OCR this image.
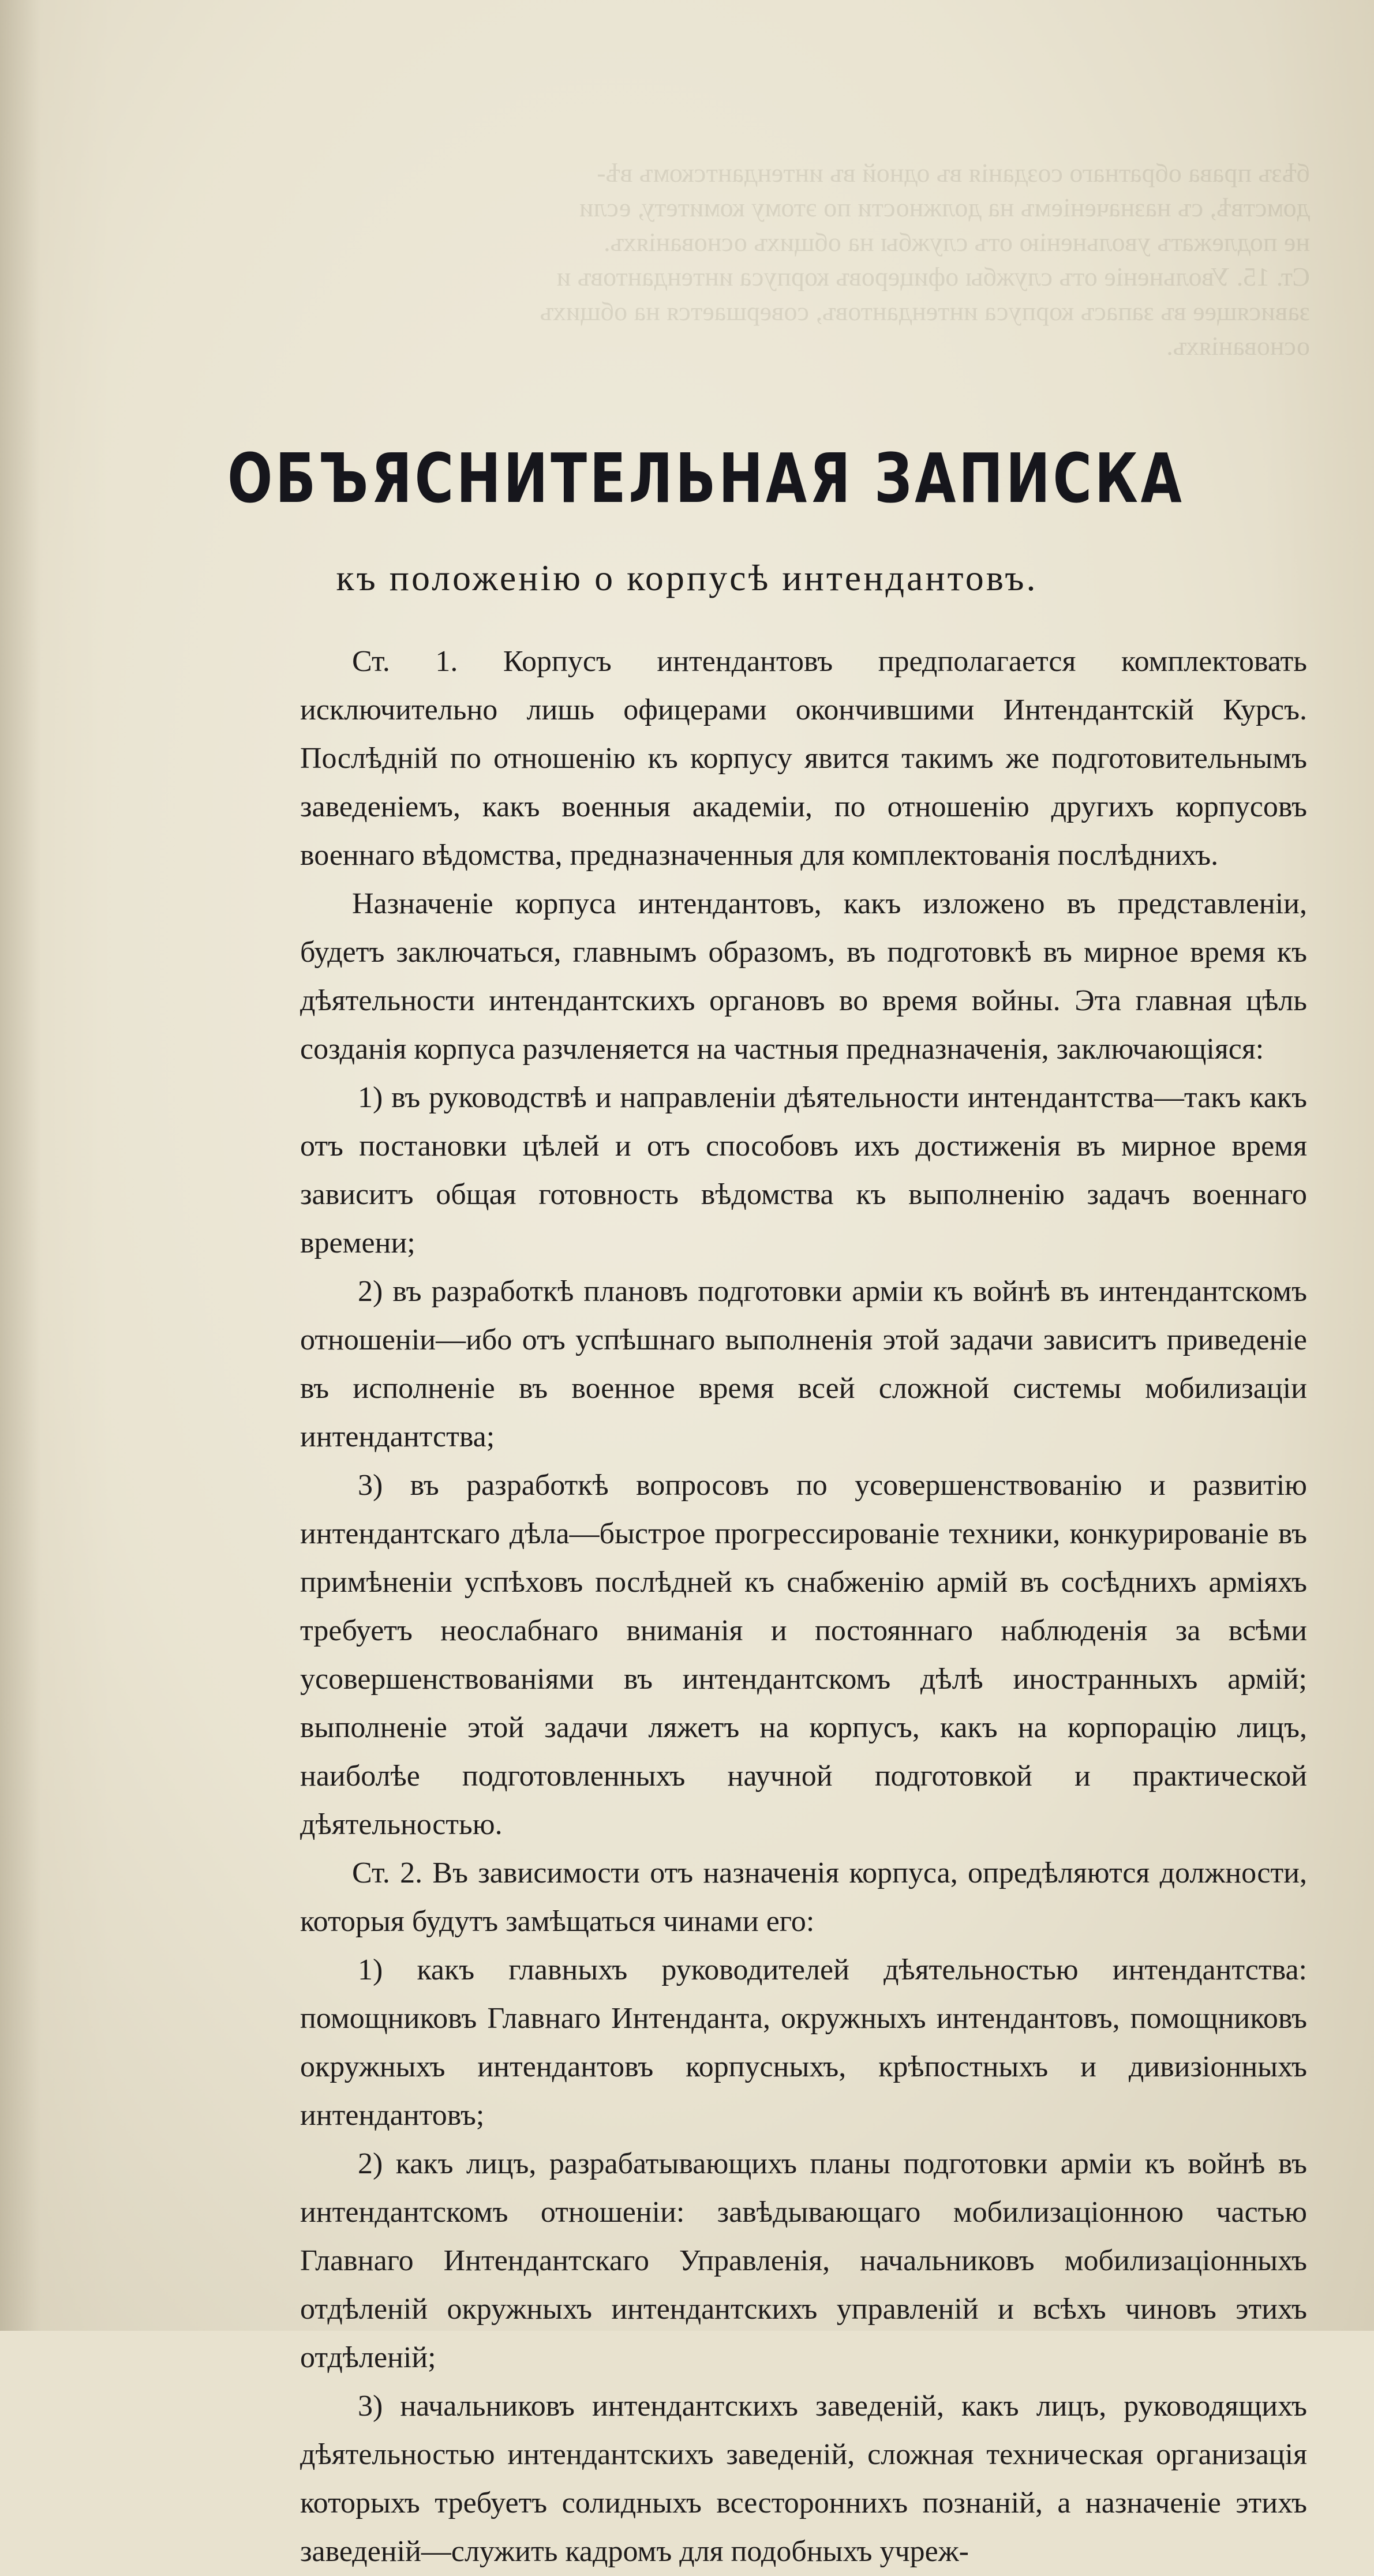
бѣзъ права обратнаго созданія въ одной въ интендантскомъ вѣ-
домствѣ, съ назначеніемъ на должности по этому комитету, если
не подлежатъ увольненію отъ службы на общихъ основаніяхъ.
Ст. 15. Увольненіе отъ службы офицеровъ корпуса интендантовъ и
зависящее въ запасъ корпуса интендантовъ, совершается на общихъ
основаніяхъ.
ОБЪЯСНИТЕЛЬНАЯ ЗАПИСКА
къ положенію о корпусѣ интендантовъ.

Ст. 1. Корпусъ интендантовъ предполагается комплектовать исключительно лишь офицерами окончившими Интендантскій Курсъ. Послѣдній по отношенію къ корпусу явится такимъ же подготовительнымъ заведеніемъ, какъ военныя академіи, по отношенію другихъ корпусовъ военнаго вѣдомства, предназначенныя для комплектованія послѣднихъ.

Назначеніе корпуса интендантовъ, какъ изложено въ представленіи, будетъ заключаться, главнымъ образомъ, въ подготовкѣ въ мирное время къ дѣятельности интендантскихъ органовъ во время войны. Эта главная цѣль созданія корпуса разчленяется на частныя предназначенія, заключающіяся:

1) въ руководствѣ и направленіи дѣятельности интендантства—такъ какъ отъ постановки цѣлей и отъ способовъ ихъ достиженія въ мирное время зависитъ общая готовность вѣдомства къ выполненію задачъ военнаго времени;

2) въ разработкѣ плановъ подготовки арміи къ войнѣ въ интендантскомъ отношеніи—ибо отъ успѣшнаго выполненія этой задачи зависитъ приведеніе въ исполненіе въ военное время всей сложной системы мобилизаціи интендантства;

3) въ разработкѣ вопросовъ по усовершенствованію и развитію интендантскаго дѣла—быстрое прогрессированіе техники, конкурированіе въ примѣненіи успѣховъ послѣдней къ снабженію армій въ сосѣднихъ арміяхъ требуетъ неослабнаго вниманія и постояннаго наблюденія за всѣми усовершенствованіями въ интендантскомъ дѣлѣ иностранныхъ армій; выполненіе этой задачи ляжетъ на корпусъ, какъ на корпорацію лицъ, наиболѣе подготовленныхъ научной подготовкой и практической дѣятельностью.

Ст. 2. Въ зависимости отъ назначенія корпуса, опредѣляются должности, которыя будутъ замѣщаться чинами его:

1) какъ главныхъ руководителей дѣятельностью интендантства: помощниковъ Главнаго Интенданта, окружныхъ интендантовъ, помощниковъ окружныхъ интендантовъ корпусныхъ, крѣпостныхъ и дивизіонныхъ интендантовъ;

2) какъ лицъ, разрабатывающихъ планы подготовки арміи къ войнѣ въ интендантскомъ отношеніи: завѣдывающаго мобилизаціонною частью Главнаго Интендантскаго Управленія, начальниковъ мобилизаціонныхъ отдѣленій окружныхъ интендантскихъ управленій и всѣхъ чиновъ этихъ отдѣленій;

3) начальниковъ интендантскихъ заведеній, какъ лицъ, руководящихъ дѣятельностью интендантскихъ заведеній, сложная техническая организація которыхъ требуетъ солидныхъ всесторонниxъ познаній, а назначеніе этихъ заведеній—служить кадромъ для подобныхъ учреж-
